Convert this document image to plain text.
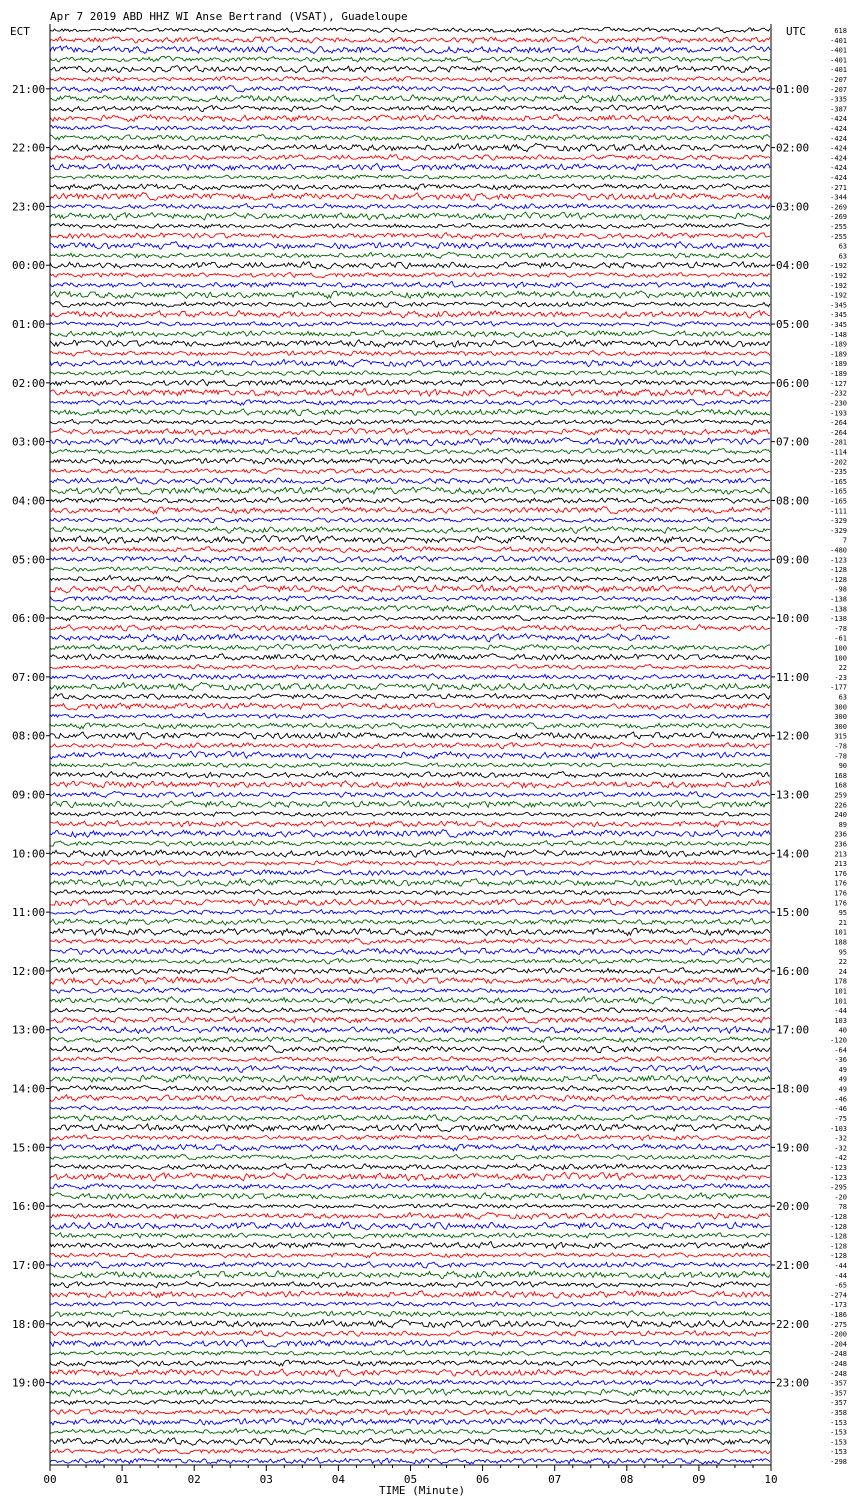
Apr 7 2019 ABD HHZ WI Anse Bertrand (VSAT), Guadeloupe
ECT	UTC
TIME (Minute)
618
-401
-401
-401
-401
-207
-207
-335
-387
-424
-424
-424
-424
-424
-424
-424
-271
-344
-269
-269
-255
-255
63
63
-192
-192
-192
-192
-345
-345
-345
-148
-189
-189
-189
-189
-127
-232
-230
-193
-264
-264
-281
-114
-202
-235
-165
-165
-165
-111
-329
-329
7
-480
-123
-128
-128
-98
-138
-138
-138
-78
-61
100
100
22
-23
-177
63
300
300
300
315
-78
-78
90
168
168
259
226
240
89
236
236
213
213
176
176
176
176
95
21
101
188
95
22
24
178
101
101
-44
103
40
-120
-64
-36
49
49
49
-46
-46
-75
-103
-32
-32
-42
-123
-123
-295
-20
78
-128
-128
-128
-128
-128
-44
-44
-65
-274
-173
-186
-275
-200
-204
-248
-248
-248
-357
-357
-357
-358
-153
-153
-153
-153
-298
00	01	02	03	04	05	06	07	08	09	10
21:00
22:00
23:00
00:00
01:00
02:00
03:00
04:00
05:00
06:00
07:00
08:00
09:00
10:00
11:00
12:00
13:00
14:00
15:00
16:00
17:00
18:00
19:00
01:00
02:00
03:00
04:00
05:00
06:00
07:00
08:00
09:00
10:00
11:00
12:00
13:00
14:00
15:00
16:00
17:00
18:00
19:00
20:00
21:00
22:00
23:00
